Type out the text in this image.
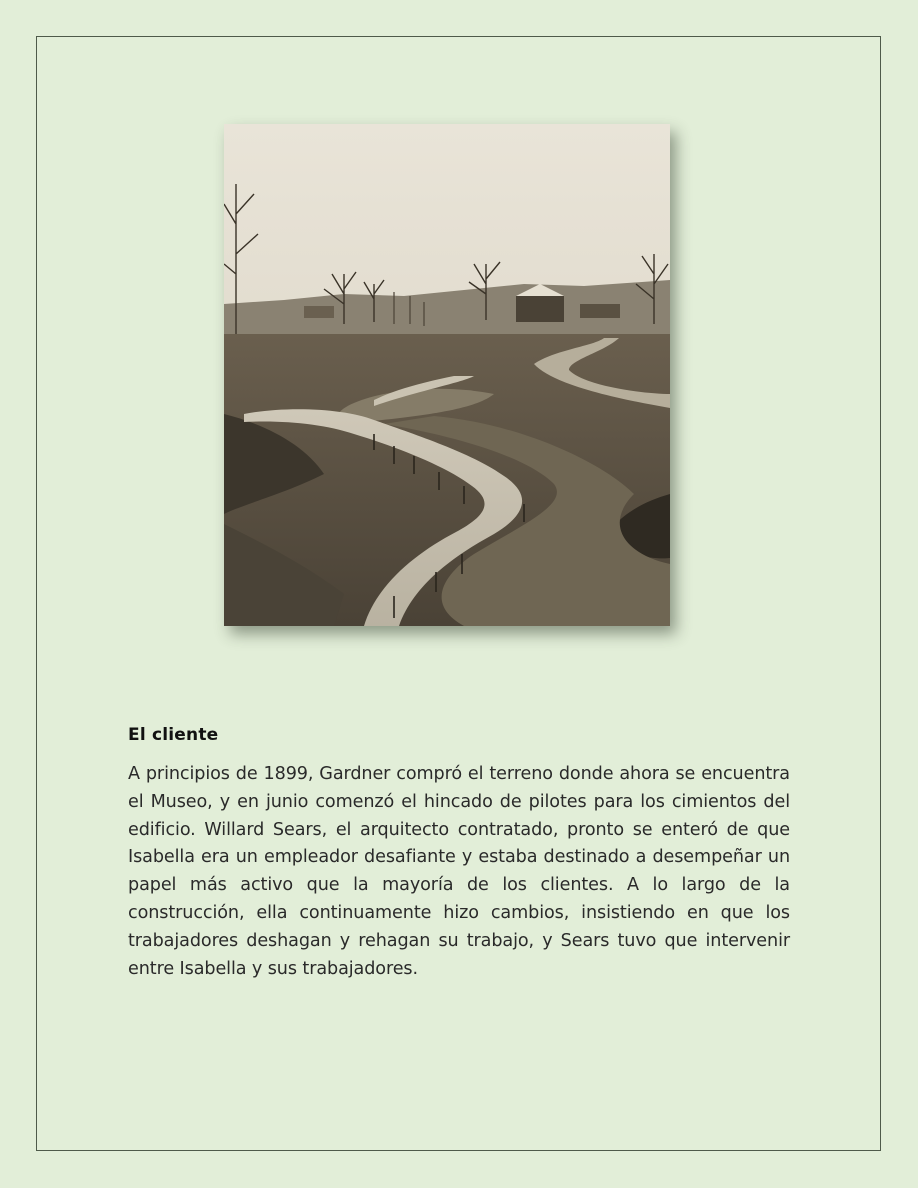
El cliente

A principios de 1899, Gardner compró el terreno donde ahora se encuentra el Museo, y en junio comenzó el hincado de pilotes para los cimientos del edificio. Willard Sears, el arquitecto contratado, pronto se enteró de que Isabella era un empleador desafiante y estaba destinado a desempeñar un papel más activo que la mayoría de los clientes. A lo largo de la construcción, ella continuamente hizo cambios, insistiendo en que los trabajadores deshagan y rehagan su trabajo, y Sears tuvo que intervenir entre Isabella y sus trabajadores.
